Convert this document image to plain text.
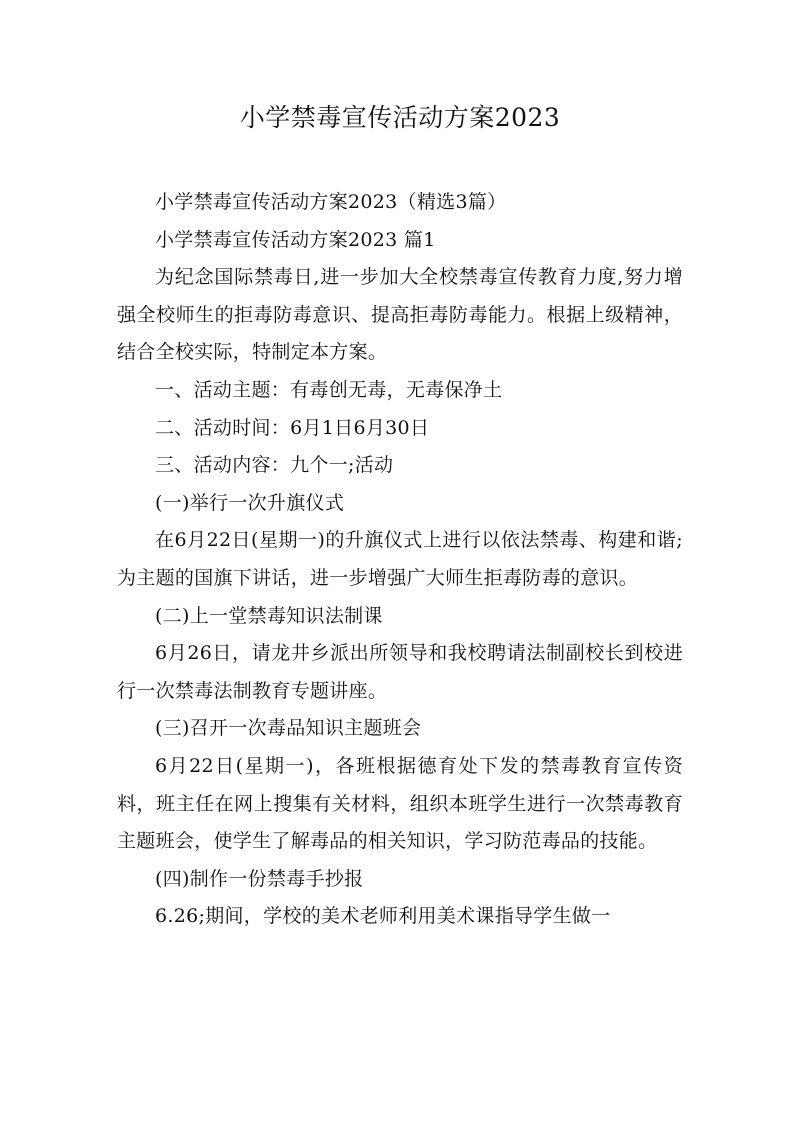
小学禁毒宣传活动方案2023

小学禁毒宣传活动方案2023（精选3篇）

小学禁毒宣传活动方案2023 篇1

为纪念国际禁毒日,进一步加大全校禁毒宣传教育力度,努力增强全校师生的拒毒防毒意识、提高拒毒防毒能力。根据上级精神，结合全校实际，特制定本方案。

一、活动主题：有毒创无毒，无毒保净土

二、活动时间：6月1日6月30日

三、活动内容：九个一;活动

(一)举行一次升旗仪式

在6月22日(星期一)的升旗仪式上进行以依法禁毒、构建和谐;为主题的国旗下讲话，进一步增强广大师生拒毒防毒的意识。

(二)上一堂禁毒知识法制课

6月26日，请龙井乡派出所领导和我校聘请法制副校长到校进行一次禁毒法制教育专题讲座。

(三)召开一次毒品知识主题班会

6月22日(星期一)，各班根据德育处下发的禁毒教育宣传资料，班主任在网上搜集有关材料，组织本班学生进行一次禁毒教育主题班会，使学生了解毒品的相关知识，学习防范毒品的技能。

(四)制作一份禁毒手抄报

6.26;期间，学校的美术老师利用美术课指导学生做一
